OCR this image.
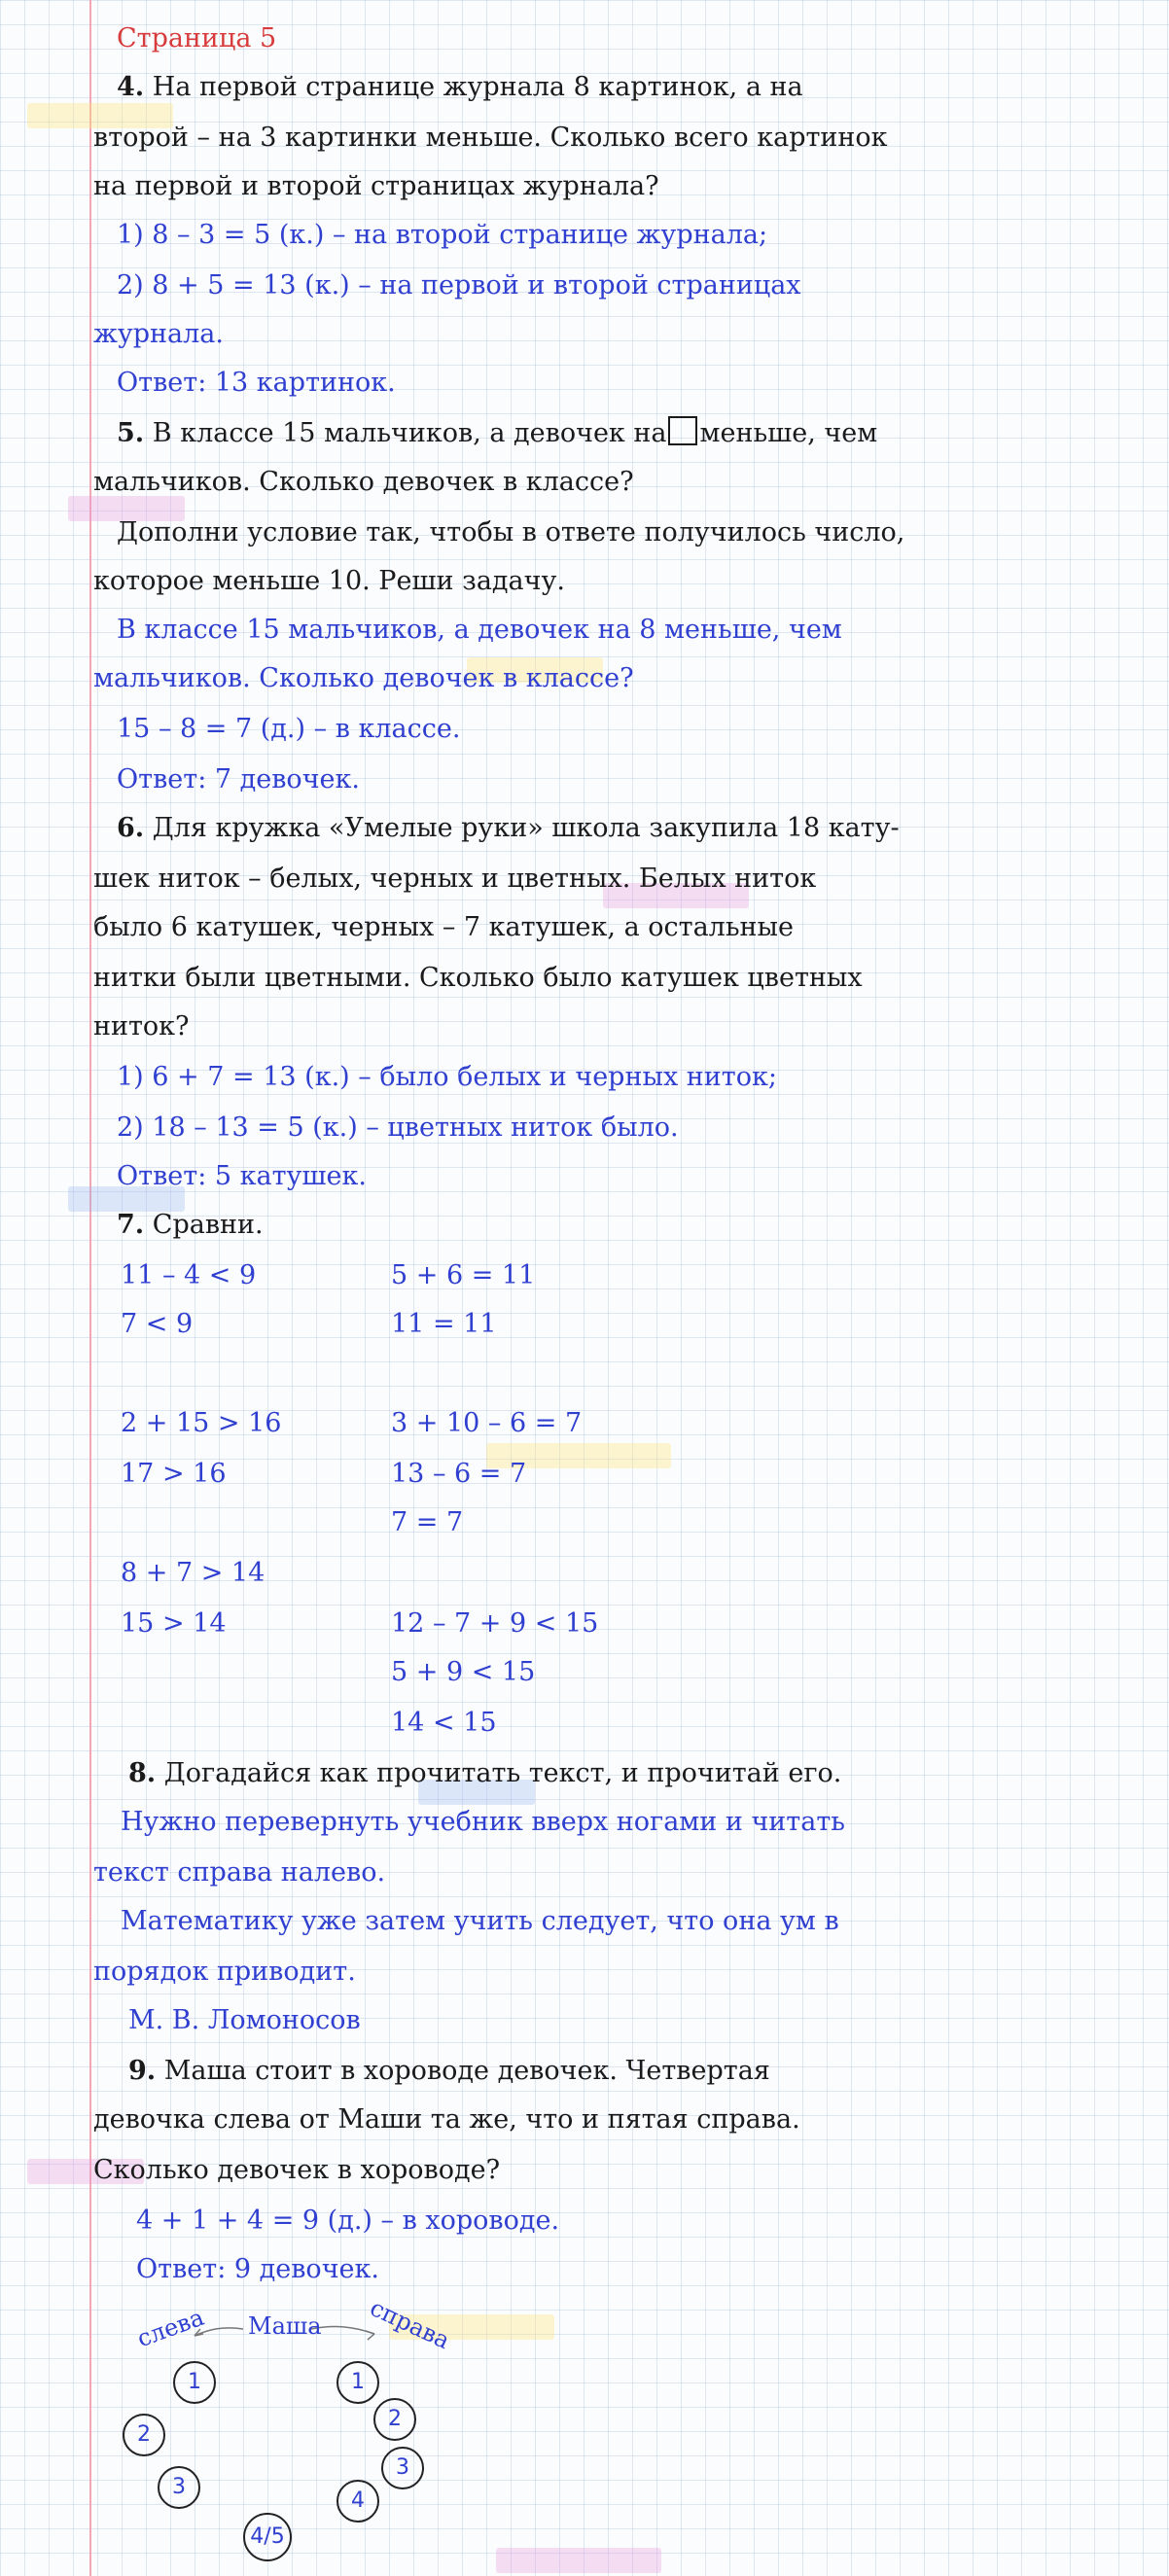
Страница 5
4. На первой странице журнала 8 картинок, а на
второй – на 3 картинки меньше. Сколько всего картинок
на первой и второй страницах журнала?
1) 8 – 3 = 5 (к.) – на второй странице журнала;
2) 8 + 5 = 13 (к.) – на первой и второй страницах
журнала.
Ответ: 13 картинок.
5. В классе 15 мальчиков, а девочек на меньше, чем
мальчиков. Сколько девочек в классе?
Дополни условие так, чтобы в ответе получилось число,
которое меньше 10. Реши задачу.
В классе 15 мальчиков, а девочек на 8 меньше, чем
мальчиков. Сколько девочек в классе?
15 – 8 = 7 (д.) – в классе.
Ответ: 7 девочек.
6. Для кружка «Умелые руки» школа закупила 18 кату-
шек ниток – белых, черных и цветных. Белых ниток
было 6 катушек, черных – 7 катушек, а остальные
нитки были цветными. Сколько было катушек цветных
ниток?
1) 6 + 7 = 13 (к.) – было белых и черных ниток;
2) 18 – 13 = 5 (к.) – цветных ниток было.
Ответ: 5 катушек.
7. Сравни.
11 – 4 < 9
7 < 9
2 + 15 > 16
17 > 16
8 + 7 > 14
15 > 14
5 + 6 = 11
11 = 11
3 + 10 – 6 = 7
13 – 6 = 7
7 = 7
12 – 7 + 9 < 15
5 + 9 < 15
14 < 15
8. Догадайся как прочитать текст, и прочитай его.
Нужно перевернуть учебник вверх ногами и читать
текст справа налево.
Математику уже затем учить следует, что она ум в
порядок приводит.
М. В. Ломоносов
9. Маша стоит в хороводе девочек. Четвертая
девочка слева от Маши та же, что и пятая справа.
Сколько девочек в хороводе?
4 + 1 + 4 = 9 (д.) – в хороводе.
Ответ: 9 девочек.
слева Маша справа
1
2
3
1
2
3
4
4/5
